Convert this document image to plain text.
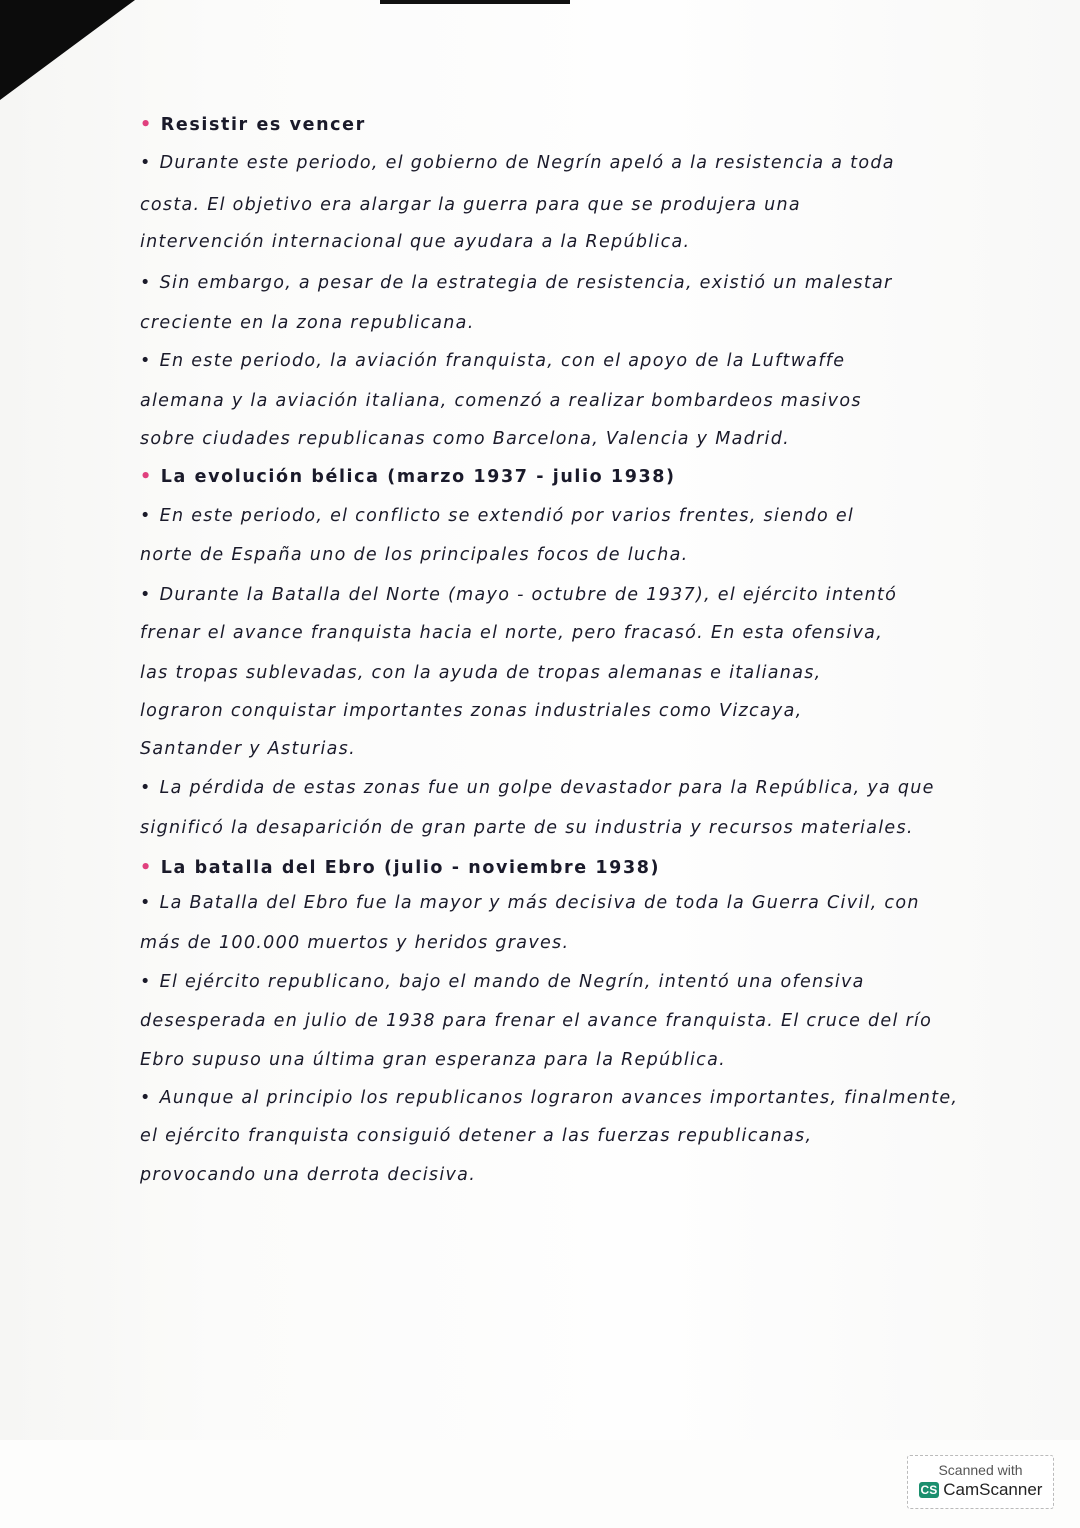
• Resistir es vencer
• Durante este periodo, el gobierno de Negrín apeló a la resistencia a toda
costa. El objetivo era alargar la guerra para que se produjera una
intervención internacional que ayudara a la República.
• Sin embargo, a pesar de la estrategia de resistencia, existió un malestar
creciente en la zona republicana.
• En este periodo, la aviación franquista, con el apoyo de la Luftwaffe
alemana y la aviación italiana, comenzó a realizar bombardeos masivos
sobre ciudades republicanas como Barcelona, Valencia y Madrid.
• La evolución bélica (marzo 1937 - julio 1938)
• En este periodo, el conflicto se extendió por varios frentes, siendo el
norte de España uno de los principales focos de lucha.
• Durante la Batalla del Norte (mayo - octubre de 1937), el ejército intentó
frenar el avance franquista hacia el norte, pero fracasó. En esta ofensiva,
las tropas sublevadas, con la ayuda de tropas alemanas e italianas,
lograron conquistar importantes zonas industriales como Vizcaya,
Santander y Asturias.
• La pérdida de estas zonas fue un golpe devastador para la República, ya que
significó la desaparición de gran parte de su industria y recursos materiales.
• La batalla del Ebro (julio - noviembre 1938)
• La Batalla del Ebro fue la mayor y más decisiva de toda la Guerra Civil, con
más de 100.000 muertos y heridos graves.
• El ejército republicano, bajo el mando de Negrín, intentó una ofensiva
desesperada en julio de 1938 para frenar el avance franquista. El cruce del río
Ebro supuso una última gran esperanza para la República.
• Aunque al principio los republicanos lograron avances importantes, finalmente,
el ejército franquista consiguió detener a las fuerzas republicanas,
provocando una derrota decisiva.
Scanned with
CS CamScanner
